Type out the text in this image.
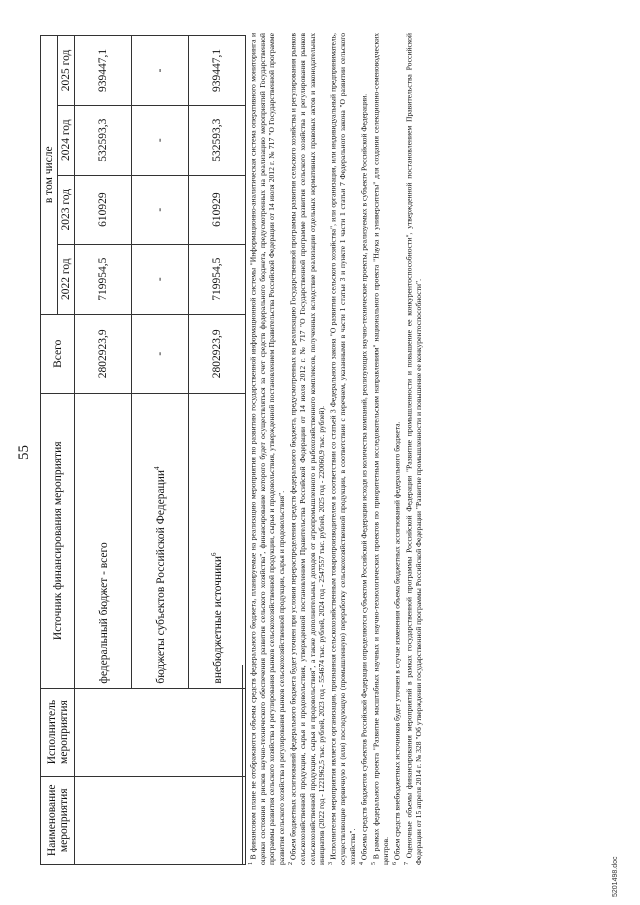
55
Наименование мероприятия	Исполнитель мероприятия	Источник финансирования мероприятия	Всего	в том числе			
				2022 год	2023 год	2024 год	2025 год
		федеральный бюджет - всего	2802923,9	719954,5	610929	532593,3	939447,1
		бюджеты субъектов Российской Федерации$^4$	-	-	-	-	-
		внебюджетные источники$^6$	2802923,9	719954,5	610929	532593,3	939447,1

$^1$ В финансовом плане не отображаются объемы средств федерального бюджета, планируемые на реализацию мероприятия по развитию государственной информационной системы "Информационно-аналитическая система оперативного мониторинга и оценки состояния и рисков научно-технического обеспечения развития сельского хозяйства", финансирование которого будет осуществляться за счет средств федерального бюджета, предусмотренных на реализацию мероприятий Государственной программы развития сельского хозяйства и регулирования рынков сельскохозяйственной продукции, сырья и продовольствия, утвержденной постановлением Правительства Российской Федерации от 14 июля 2012 г. № 717 "О Государственной программе развития сельского хозяйства и регулирования рынков сельскохозяйственной продукции, сырья и продовольствия". $^2$ Объем бюджетных ассигнований федерального бюджета будет уточнен при условии перераспределения средств федерального бюджета, предусмотренных на реализацию Государственной программы развития сельского хозяйства и регулирования рынков сельскохозяйственной продукции, сырья и продовольствия, утвержденной постановлением Правительства Российской Федерации от 14 июля 2012 г. № 717 "О Государственной программе развития сельского хозяйства и регулирования рынков сельскохозяйственной продукции, сырья и продовольствия", а также дополнительных доходов от агропромышленного и рыбохозяйственного комплексов, полученных вследствие реализации отдельных нормативных правовых актов и законодательных инициатив (2022 год - 1221962,5 тыс. рублей, 2023 год - 554674 тыс. рублей, 2024 год - 2547557 тыс. рублей, 2025 год - 220060,9 тыс. рублей). $^3$ Исполнителем мероприятия является организация, признанная сельскохозяйственным товаропроизводителем в соответствии со статьей 3 Федерального закона "О развитии сельского хозяйства", или организация, или индивидуальный предприниматель, осуществляющие первичную и (или) последующую (промышленную) переработку сельскохозяйственной продукции, в соответствии с перечнем, указанными в части 1 статьи 3 и пункте 1 части 1 статьи 7 Федерального закона "О развитии сельского хозяйства". $^4$ Объемы средств бюджетов субъектов Российской Федерации определяются субъектом Российской Федерации исходя из количества компаний, реализующих научно-технические проекты, реализуемых в субъекте Российской Федерации.

$^5$ В рамках федерального проекта "Развитие масштабных научных и научно-технологических проектов по приоритетным исследовательским направлениям" национального проекта "Наука и университеты" для создания селекционно-семеноводческих центров. $^6$ Объем средств внебюджетных источников будет уточнен в случае изменения объема бюджетных ассигнований федерального бюджета.

$^7$ Оценочные объемы финансирования мероприятий в рамках государственной программы Российской Федерации "Развитие промышленности и повышение ее конкурентоспособности", утвержденной постановлением Правительства Российской Федерации от 15 апреля 2014 г. № 328 "Об утверждении государственной программы Российской Федерации "Развитие промышленности и повышение ее конкурентоспособности".

5201498.doc
